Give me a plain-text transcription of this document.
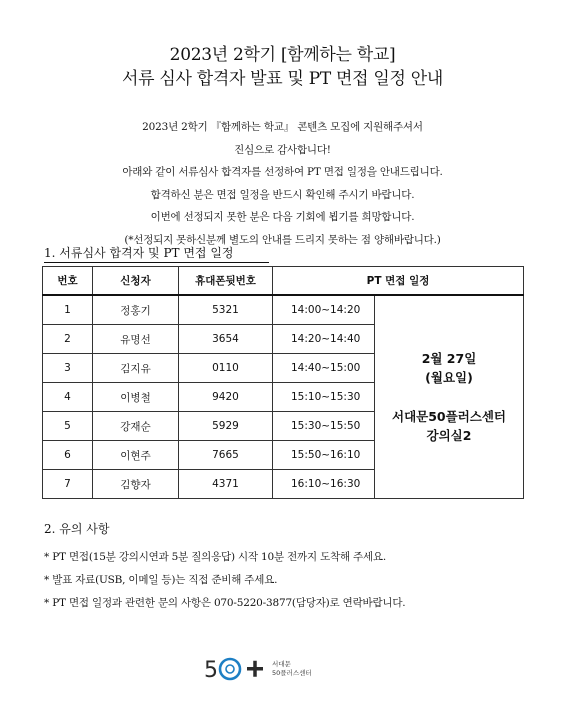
2023년 2학기 [함께하는 학교]
서류 심사 합격자 발표 및 PT 면접 일정 안내
2023년 2학기 『함께하는 학교』 콘텐츠 모집에 지원해주셔서
진심으로 감사합니다!
아래와 같이 서류심사 합격자를 선정하여 PT 면접 일정을 안내드립니다.
합격하신 분은 면접 일정을 반드시 확인해 주시기 바랍니다.
이번에 선정되지 못한 분은 다음 기회에 뵙기를 희망합니다.
(*선정되지 못하신분께 별도의 안내를 드리지 못하는 점 양해바랍니다.)
1. 서류심사 합격자 및 PT 면접 일정
번호	신청자	휴대폰뒷번호	PT 면접 일정	
1	정홍기	5321	14:00~14:20	2월 27일
(월요일)
서대문50플러스센터
강의실2

2	유명선	3654	14:20~14:40	
3	김지유	0110	14:40~15:00	
4	이병철	9420	15:10~15:30	
5	강재순	5929	15:30~15:50	
6	이현주	7665	15:50~16:10	
7	김향자	4371	16:10~16:30	
2. 유의 사항
* PT 면접(15분 강의시연과 5분 질의응답) 시작 10분 전까지 도착해 주세요.
* 발표 자료(USB, 이메일 등)는 직접 준비해 주세요.
* PT 면접 일정과 관련한 문의 사항은 070-5220-3877(담당자)로 연락바랍니다.
5	서대문
50플러스센터
